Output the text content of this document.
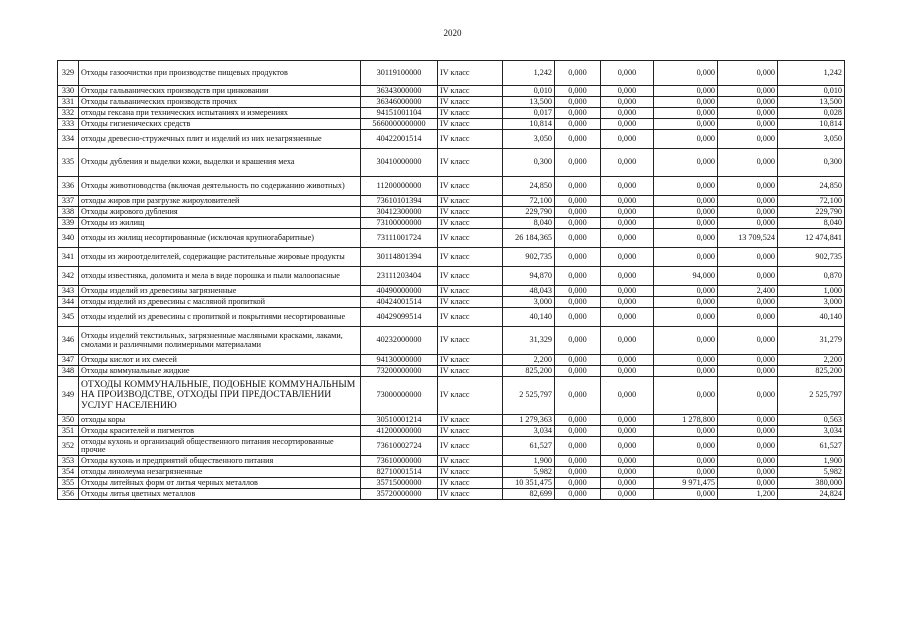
2020
329	Отходы газоочистки при производстве пищевых продуктов	30119100000	IV класс	1,242	0,000	0,000	0,000	0,000	1,242
330	Отходы гальванических производств при цинковании	36343000000	IV класс	0,010	0,000	0,000	0,000	0,000	0,010
331	Отходы гальванических производств прочих	36346000000	IV класс	13,500	0,000	0,000	0,000	0,000	13,500
332	отходы гексана при технических испытаниях и измерениях	94151001104	IV класс	0,017	0,000	0,000	0,000	0,000	0,028
333	Отходы гигиенических средств	5660000000000	IV класс	10,814	0,000	0,000	0,000	0,000	10,814
334	отходы древесно-стружечных плит и изделий из них незагрязненные	40422001514	IV класс	3,050	0,000	0,000	0,000	0,000	3,050
335	Отходы дубления и выделки кожи, выделки и крашения меха	30410000000	IV класс	0,300	0,000	0,000	0,000	0,000	0,300
336	Отходы животноводства (включая деятельность по содержанию животных)	11200000000	IV класс	24,850	0,000	0,000	0,000	0,000	24,850
337	отходы жиров при разгрузке жироуловителей	73610101394	IV класс	72,100	0,000	0,000	0,000	0,000	72,100
338	Отходы жирового дубления	30412300000	IV класс	229,790	0,000	0,000	0,000	0,000	229,790
339	Отходы из жилищ	73100000000	IV класс	8,040	0,000	0,000	0,000	0,000	8,040
340	отходы из жилищ несортированные (исключая крупногабаритные)	73111001724	IV класс	26 184,365	0,000	0,000	0,000	13 709,524	12 474,841
341	отходы из жироотделителей, содержащие растительные жировые продукты	30114801394	IV класс	902,735	0,000	0,000	0,000	0,000	902,735
342	отходы известняка, доломита и мела в виде порошка и пыли малоопасные	23111203404	IV класс	94,870	0,000	0,000	94,000	0,000	0,870
343	Отходы изделий из древесины загрязненные	40490000000	IV класс	48,043	0,000	0,000	0,000	2,400	1,000
344	отходы изделий из древесины с масляной пропиткой	40424001514	IV класс	3,000	0,000	0,000	0,000	0,000	3,000
345	отходы изделий из древесины с пропиткой и покрытиями несортированные	40429099514	IV класс	40,140	0,000	0,000	0,000	0,000	40,140
346	Отходы изделий текстильных, загрязненные масляными красками, лаками, смолами и различными полимерными материалами	40232000000	IV класс	31,329	0,000	0,000	0,000	0,000	31,279
347	Отходы кислот и их смесей	94130000000	IV класс	2,200	0,000	0,000	0,000	0,000	2,200
348	Отходы коммунальные жидкие	73200000000	IV класс	825,200	0,000	0,000	0,000	0,000	825,200
349	ОТХОДЫ КОММУНАЛЬНЫЕ, ПОДОБНЫЕ КОММУНАЛЬНЫМ НА ПРОИЗВОДСТВЕ, ОТХОДЫ ПРИ ПРЕДОСТАВЛЕНИИ УСЛУГ НАСЕЛЕНИЮ	73000000000	IV класс	2 525,797	0,000	0,000	0,000	0,000	2 525,797
350	отходы коры	30510001214	IV класс	1 279,363	0,000	0,000	1 278,800	0,000	0,563
351	Отходы красителей и пигментов	41200000000	IV класс	3,034	0,000	0,000	0,000	0,000	3,034
352	отходы кухонь и организаций общественного питания несортированные прочие	73610002724	IV класс	61,527	0,000	0,000	0,000	0,000	61,527
353	Отходы кухонь и предприятий общественного питания	73610000000	IV класс	1,900	0,000	0,000	0,000	0,000	1,900
354	отходы линолеума незагрязненные	82710001514	IV класс	5,982	0,000	0,000	0,000	0,000	5,982
355	Отходы литейных форм от литья черных металлов	35715000000	IV класс	10 351,475	0,000	0,000	9 971,475	0,000	380,000
356	Отходы литья цветных металлов	35720000000	IV класс	82,699	0,000	0,000	0,000	1,200	24,824
